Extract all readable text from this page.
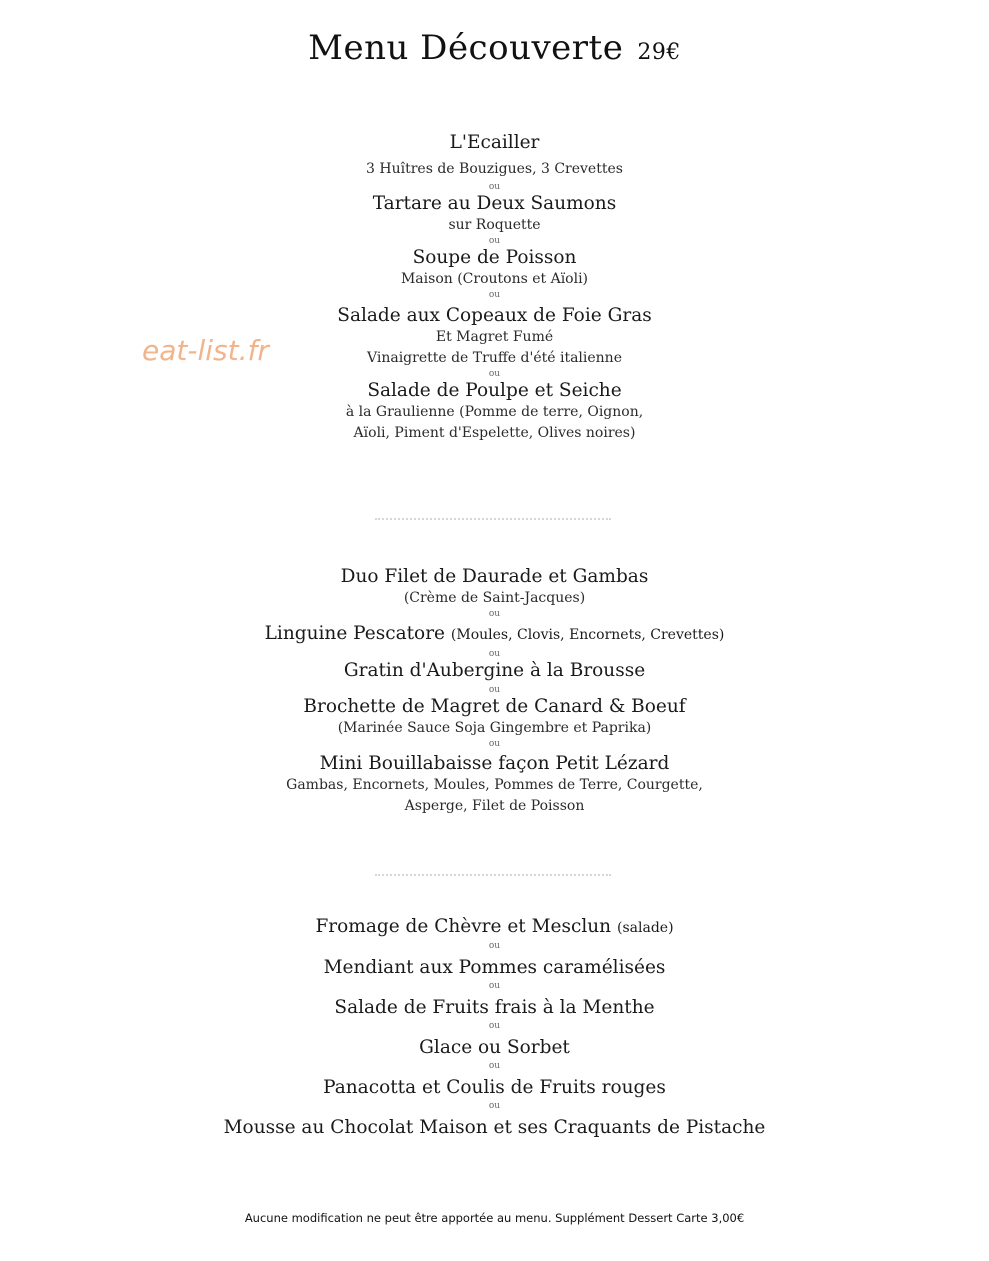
Menu Découverte 29€
eat-list.fr
L'Ecailler
3 Huîtres de Bouzigues, 3 Crevettes
ou
Tartare au Deux Saumons
sur Roquette
ou
Soupe de Poisson
Maison (Croutons et Aïoli)
ou
Salade aux Copeaux de Foie Gras
Et Magret Fumé
Vinaigrette de Truffe d'été italienne
ou
Salade de Poulpe et Seiche
à la Graulienne (Pomme de terre, Oignon,
Aïoli, Piment d'Espelette, Olives noires)
Duo Filet de Daurade et Gambas
(Crème de Saint-Jacques)
ou
Linguine Pescatore (Moules, Clovis, Encornets, Crevettes)
ou
Gratin d'Aubergine à la Brousse
ou
Brochette de Magret de Canard & Boeuf
(Marinée Sauce Soja Gingembre et Paprika)
ou
Mini Bouillabaisse façon Petit Lézard
Gambas, Encornets, Moules, Pommes de Terre, Courgette,
Asperge, Filet de Poisson
Fromage de Chèvre et Mesclun (salade)
ou
Mendiant aux Pommes caramélisées
ou
Salade de Fruits frais à la Menthe
ou
Glace ou Sorbet
ou
Panacotta et Coulis de Fruits rouges
ou
Mousse au Chocolat Maison et ses Craquants de Pistache
Aucune modification ne peut être apportée au menu. Supplément Dessert Carte 3,00€
